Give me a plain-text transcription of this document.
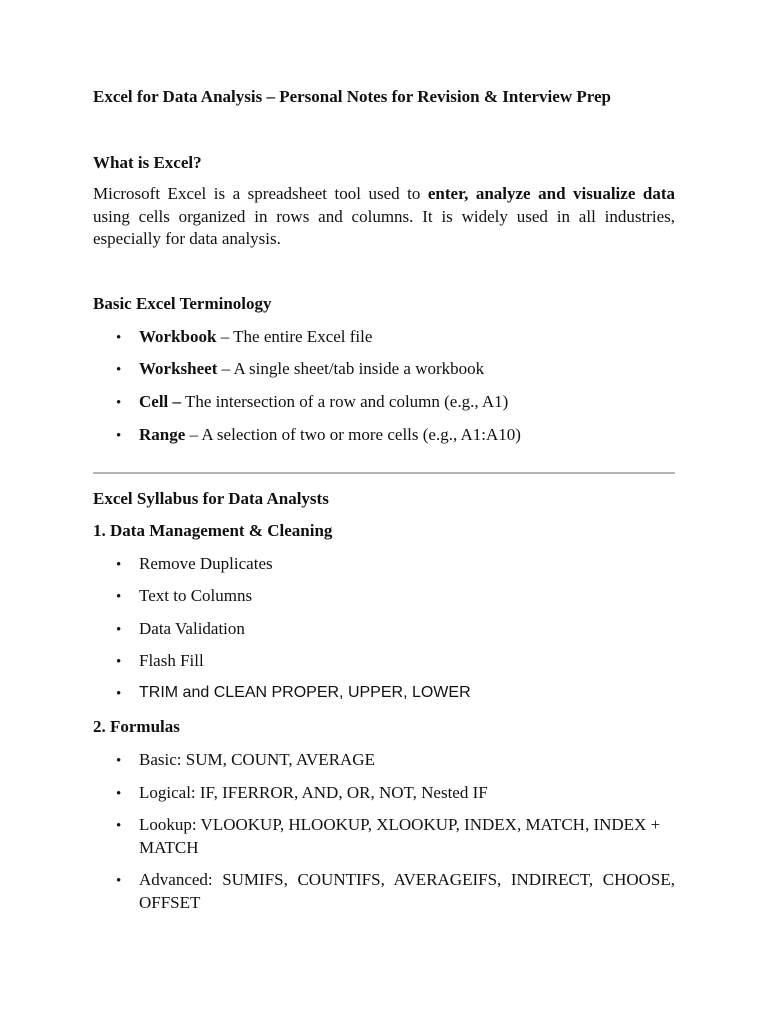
Excel for Data Analysis – Personal Notes for Revision & Interview Prep
What is Excel?
Microsoft Excel is a spreadsheet tool used to enter, analyze and visualize data using cells organized in rows and columns. It is widely used in all industries, especially for data analysis.
Basic Excel Terminology
•
Workbook – The entire Excel file
•
Worksheet – A single sheet/tab inside a workbook
•
Cell – The intersection of a row and column (e.g., A1)
•
Range – A selection of two or more cells (e.g., A1:A10)
Excel Syllabus for Data Analysts
1. Data Management & Cleaning
•
Remove Duplicates
•
Text to Columns
•
Data Validation
•
Flash Fill
•
TRIM and CLEAN PROPER, UPPER, LOWER
2. Formulas
•
Basic: SUM, COUNT, AVERAGE
•
Logical: IF, IFERROR, AND, OR, NOT, Nested IF
•
Lookup: VLOOKUP, HLOOKUP, XLOOKUP, INDEX, MATCH, INDEX + MATCH
•
Advanced: SUMIFS, COUNTIFS, AVERAGEIFS, INDIRECT, CHOOSE, OFFSET
